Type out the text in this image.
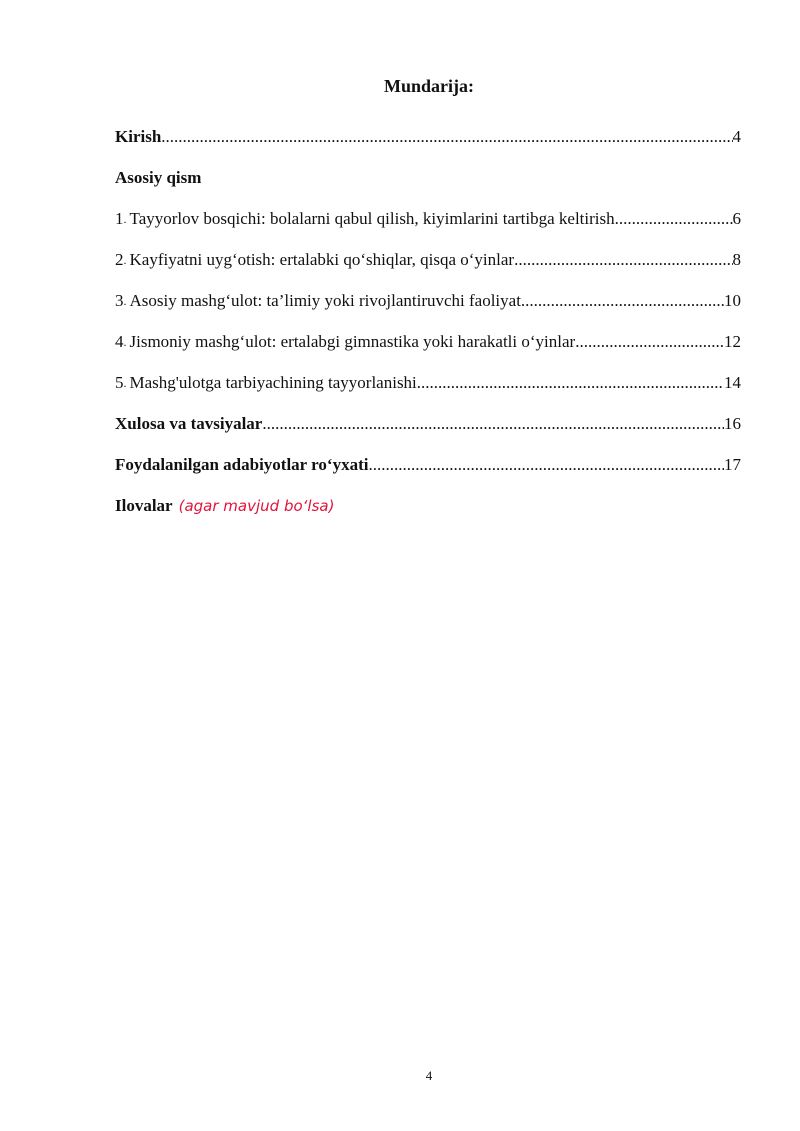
Mundarija:
Kirish .....	4
Asosiy qism
1 . Tayyorlov bosqichi: bolalarni qabul qilish, kiyimlarini tartibga keltirish .....	6
2 . Kayfiyatni uyg‘otish: ertalabki qo‘shiqlar, qisqa o‘yinlar .....	8
3 . Asosiy mashg‘ulot: ta’limiy yoki rivojlantiruvchi faoliyat .....	10
4 . Jismoniy mashg‘ulot: ertalabgi gimnastika yoki harakatli o‘yinlar .....	12
5 . Mashg'ulotga tarbiyachining tayyorlanishi .....	14
Xulosa va tavsiyalar .....	16
Foydalanilgan adabiyotlar ro‘yxati .....	17
Ilovalar (agar mavjud bo‘lsa)
4
